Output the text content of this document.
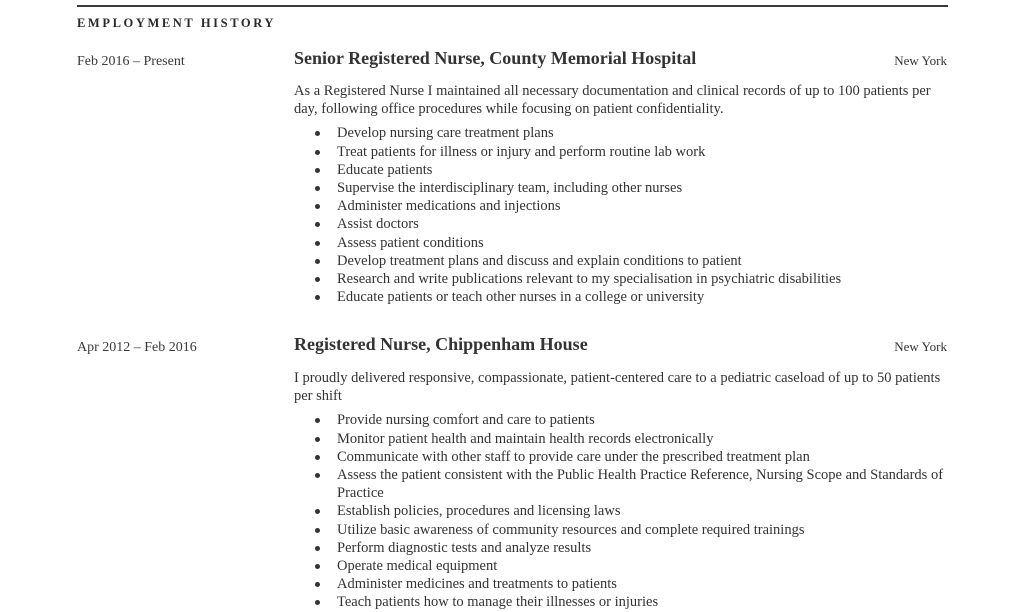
EMPLOYMENT HISTORY
Feb 2016 – Present	Senior Registered Nurse, County Memorial Hospital	New York

As a Registered Nurse I maintained all necessary documentation and clinical records of up to 100 patients per day, following office procedures while focusing on patient confidentiality.

Develop nursing care treatment plans
Treat patients for illness or injury and perform routine lab work
Educate patients
Supervise the interdisciplinary team, including other nurses
Administer medications and injections
Assist doctors
Assess patient conditions
Develop treatment plans and discuss and explain conditions to patient
Research and write publications relevant to my specialisation in psychiatric disabilities
Educate patients or teach other nurses in a college or university
Apr 2012 – Feb 2016	Registered Nurse, Chippenham House	New York

I proudly delivered responsive, compassionate, patient-centered care to a pediatric caseload of up to 50 patients per shift

Provide nursing comfort and care to patients
Monitor patient health and maintain health records electronically
Communicate with other staff to provide care under the prescribed treatment plan
Assess the patient consistent with the Public Health Practice Reference, Nursing Scope and Standards of Practice
Establish policies, procedures and licensing laws
Utilize basic awareness of community resources and complete required trainings
Perform diagnostic tests and analyze results
Operate medical equipment
Administer medicines and treatments to patients
Teach patients how to manage their illnesses or injuries
